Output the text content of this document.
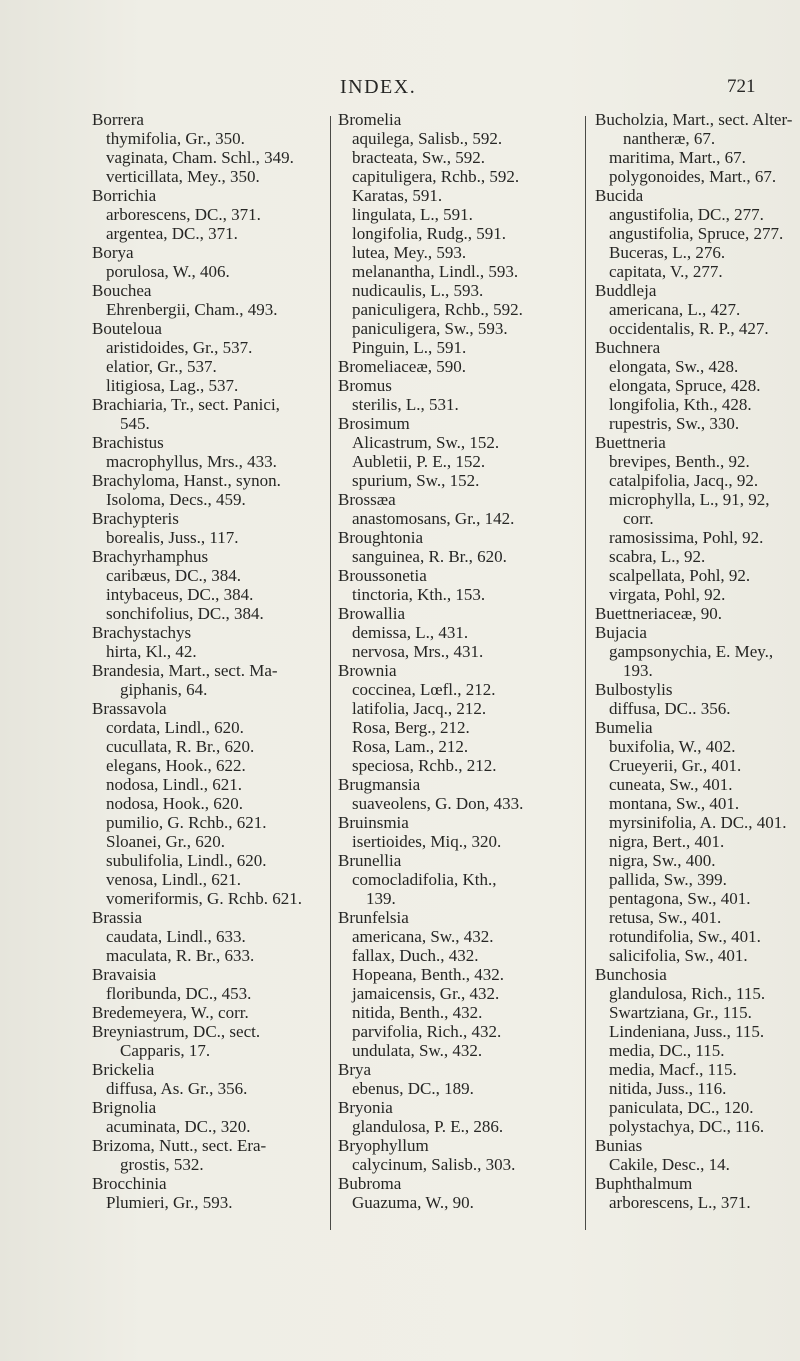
INDEX.	721
Borrera
thymifolia, Gr., 350.
vaginata, Cham. Schl., 349.
verticillata, Mey., 350.
Borrichia
arborescens, DC., 371.
argentea, DC., 371.
Borya
porulosa, W., 406.
Bouchea
Ehrenbergii, Cham., 493.
Bouteloua
aristidoides, Gr., 537.
elatior, Gr., 537.
litigiosa, Lag., 537.
Brachiaria, Tr., sect. Panici,
545.
Brachistus
macrophyllus, Mrs., 433.
Brachyloma, Hanst., synon.
Isoloma, Decs., 459.
Brachypteris
borealis, Juss., 117.
Brachyrhamphus
caribæus, DC., 384.
intybaceus, DC., 384.
sonchifolius, DC., 384.
Brachystachys
hirta, Kl., 42.
Brandesia, Mart., sect. Ma-
giphanis, 64.
Brassavola
cordata, Lindl., 620.
cucullata, R. Br., 620.
elegans, Hook., 622.
nodosa, Lindl., 621.
nodosa, Hook., 620.
pumilio, G. Rchb., 621.
Sloanei, Gr., 620.
subulifolia, Lindl., 620.
venosa, Lindl., 621.
vomeriformis, G. Rchb. 621.
Brassia
caudata, Lindl., 633.
maculata, R. Br., 633.
Bravaisia
floribunda, DC., 453.
Bredemeyera, W., corr.
Breyniastrum, DC., sect.
Capparis, 17.
Brickelia
diffusa, As. Gr., 356.
Brignolia
acuminata, DC., 320.
Brizoma, Nutt., sect. Era-
grostis, 532.
Brocchinia
Plumieri, Gr., 593.
Bromelia
aquilega, Salisb., 592.
bracteata, Sw., 592.
capituligera, Rchb., 592.
Karatas, 591.
lingulata, L., 591.
longifolia, Rudg., 591.
lutea, Mey., 593.
melanantha, Lindl., 593.
nudicaulis, L., 593.
paniculigera, Rchb., 592.
paniculigera, Sw., 593.
Pinguin, L., 591.
Bromeliaceæ, 590.
Bromus
sterilis, L., 531.
Brosimum
Alicastrum, Sw., 152.
Aubletii, P. E., 152.
spurium, Sw., 152.
Brossæa
anastomosans, Gr., 142.
Broughtonia
sanguinea, R. Br., 620.
Broussonetia
tinctoria, Kth., 153.
Browallia
demissa, L., 431.
nervosa, Mrs., 431.
Brownia
coccinea, Lœfl., 212.
latifolia, Jacq., 212.
Rosa, Berg., 212.
Rosa, Lam., 212.
speciosa, Rchb., 212.
Brugmansia
suaveolens, G. Don, 433.
Bruinsmia
isertioides, Miq., 320.
Brunellia
comocladifolia, Kth.,
139.
Brunfelsia
americana, Sw., 432.
fallax, Duch., 432.
Hopeana, Benth., 432.
jamaicensis, Gr., 432.
nitida, Benth., 432.
parvifolia, Rich., 432.
undulata, Sw., 432.
Brya
ebenus, DC., 189.
Bryonia
glandulosa, P. E., 286.
Bryophyllum
calycinum, Salisb., 303.
Bubroma
Guazuma, W., 90.
Bucholzia, Mart., sect. Alter-
nantheræ, 67.
maritima, Mart., 67.
polygonoides, Mart., 67.
Bucida
angustifolia, DC., 277.
angustifolia, Spruce, 277.
Buceras, L., 276.
capitata, V., 277.
Buddleja
americana, L., 427.
occidentalis, R. P., 427.
Buchnera
elongata, Sw., 428.
elongata, Spruce, 428.
longifolia, Kth., 428.
rupestris, Sw., 330.
Buettneria
brevipes, Benth., 92.
catalpifolia, Jacq., 92.
microphylla, L., 91, 92,
corr.
ramosissima, Pohl, 92.
scabra, L., 92.
scalpellata, Pohl, 92.
virgata, Pohl, 92.
Buettneriaceæ, 90.
Bujacia
gampsonychia, E. Mey.,
193.
Bulbostylis
diffusa, DC.. 356.
Bumelia
buxifolia, W., 402.
Crueyerii, Gr., 401.
cuneata, Sw., 401.
montana, Sw., 401.
myrsinifolia, A. DC., 401.
nigra, Bert., 401.
nigra, Sw., 400.
pallida, Sw., 399.
pentagona, Sw., 401.
retusa, Sw., 401.
rotundifolia, Sw., 401.
salicifolia, Sw., 401.
Bunchosia
glandulosa, Rich., 115.
Swartziana, Gr., 115.
Lindeniana, Juss., 115.
media, DC., 115.
media, Macf., 115.
nitida, Juss., 116.
paniculata, DC., 120.
polystachya, DC., 116.
Bunias
Cakile, Desc., 14.
Buphthalmum
arborescens, L., 371.
